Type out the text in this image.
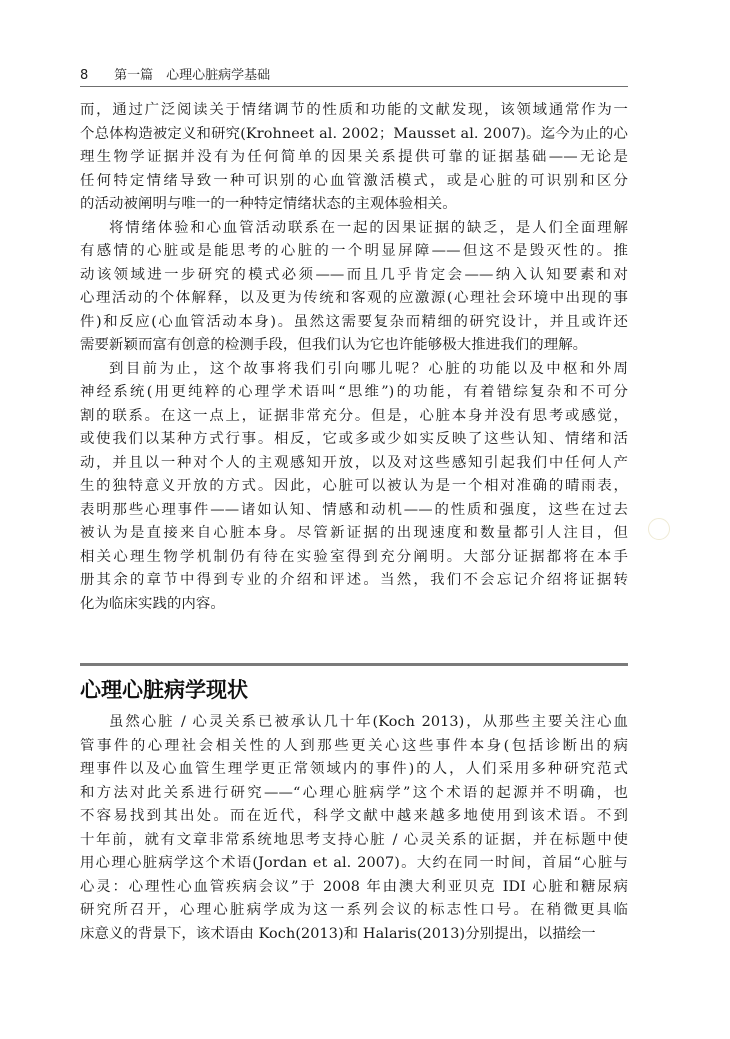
8 第一篇　心理心脏病学基础
而，通过广泛阅读关于情绪调节的性质和功能的文献发现，该领域通常作为一
个总体构造被定义和研究(Krohneet al. 2002；Mausset al. 2007)。迄今为止的心
理生物学证据并没有为任何简单的因果关系提供可靠的证据基础——无论是
任何特定情绪导致一种可识别的心血管激活模式，或是心脏的可识别和区分
的活动被阐明与唯一的一种特定情绪状态的主观体验相关。
将情绪体验和心血管活动联系在一起的因果证据的缺乏，是人们全面理解
有感情的心脏或是能思考的心脏的一个明显屏障——但这不是毁灭性的。推
动该领域进一步研究的模式必须——而且几乎肯定会——纳入认知要素和对
心理活动的个体解释，以及更为传统和客观的应激源(心理社会环境中出现的事
件)和反应(心血管活动本身)。虽然这需要复杂而精细的研究设计，并且或许还
需要新颖而富有创意的检测手段，但我们认为它也许能够极大推进我们的理解。
到目前为止，这个故事将我们引向哪儿呢？心脏的功能以及中枢和外周
神经系统(用更纯粹的心理学术语叫“思维”)的功能，有着错综复杂和不可分
割的联系。在这一点上，证据非常充分。但是，心脏本身并没有思考或感觉，
或使我们以某种方式行事。相反，它或多或少如实反映了这些认知、情绪和活
动，并且以一种对个人的主观感知开放，以及对这些感知引起我们中任何人产
生的独特意义开放的方式。因此，心脏可以被认为是一个相对准确的晴雨表，
表明那些心理事件——诸如认知、情感和动机——的性质和强度，这些在过去
被认为是直接来自心脏本身。尽管新证据的出现速度和数量都引人注目，但
相关心理生物学机制仍有待在实验室得到充分阐明。大部分证据都将在本手
册其余的章节中得到专业的介绍和评述。当然，我们不会忘记介绍将证据转
化为临床实践的内容。
心理心脏病学现状
虽然心脏 / 心灵关系已被承认几十年(Koch 2013)，从那些主要关注心血
管事件的心理社会相关性的人到那些更关心这些事件本身(包括诊断出的病
理事件以及心血管生理学更正常领域内的事件)的人，人们采用多种研究范式
和方法对此关系进行研究——“心理心脏病学”这个术语的起源并不明确，也
不容易找到其出处。而在近代，科学文献中越来越多地使用到该术语。不到
十年前，就有文章非常系统地思考支持心脏 / 心灵关系的证据，并在标题中使
用心理心脏病学这个术语(Jordan et al. 2007)。大约在同一时间，首届“心脏与
心灵：心理性心血管疾病会议”于 2008 年由澳大利亚贝克 IDI 心脏和糖尿病
研究所召开，心理心脏病学成为这一系列会议的标志性口号。在稍微更具临
床意义的背景下，该术语由 Koch(2013)和 Halaris(2013)分别提出，以描绘一
